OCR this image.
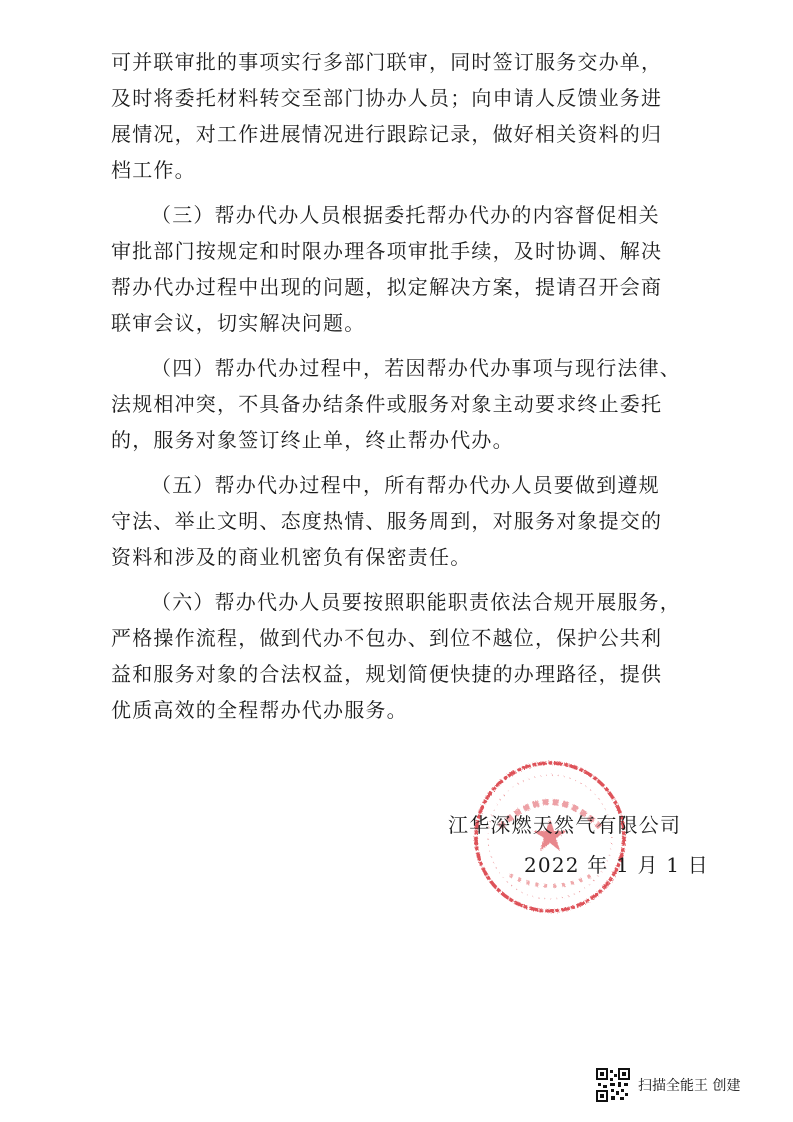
可并联审批的事项实行多部门联审，同时签订服务交办单，
及时将委托材料转交至部门协办人员；向申请人反馈业务进
展情况，对工作进展情况进行跟踪记录，做好相关资料的归
档工作。
（三）帮办代办人员根据委托帮办代办的内容督促相关
审批部门按规定和时限办理各项审批手续，及时协调、解决
帮办代办过程中出现的问题，拟定解决方案，提请召开会商
联审会议，切实解决问题。
（四）帮办代办过程中，若因帮办代办事项与现行法律、
法规相冲突，不具备办结条件或服务对象主动要求终止委托
的，服务对象签订终止单，终止帮办代办。
（五）帮办代办过程中，所有帮办代办人员要做到遵规
守法、举止文明、态度热情、服务周到，对服务对象提交的
资料和涉及的商业机密负有保密责任。
（六）帮办代办人员要按照职能职责依法合规开展服务，
严格操作流程，做到代办不包办、到位不越位，保护公共利
益和服务对象的合法权益，规划简便快捷的办理路径，提供
优质高效的全程帮办代办服务。
江华深燃天然气有限公司
2022 年 1 月 1 日
扫描全能王 创建
